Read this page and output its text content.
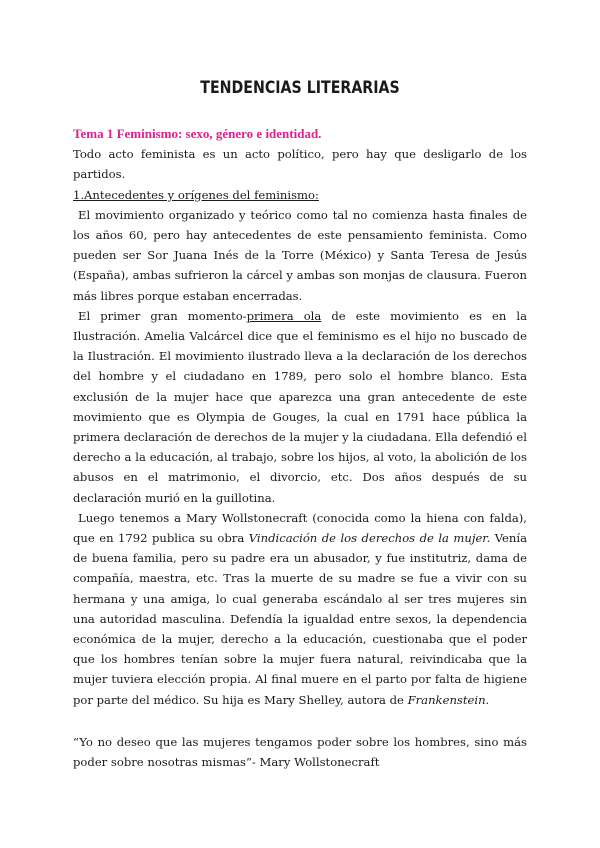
TENDENCIAS LITERARIAS

Tema 1 Feminismo: sexo, género e identidad.

Todo acto feminista es un acto político, pero hay que desligarlo de los partidos.

1.Antecedentes y orígenes del feminismo:

El movimiento organizado y teórico como tal no comienza hasta finales de los años 60, pero hay antecedentes de este pensamiento feminista. Como pueden ser Sor Juana Inés de la Torre (México) y Santa Teresa de Jesús (España), ambas sufrieron la cárcel y ambas son monjas de clausura. Fueron más libres porque estaban encerradas.

El primer gran momento-primera ola de este movimiento es en la Ilustración. Amelia Valcárcel dice que el feminismo es el hijo no buscado de la Ilustración. El movimiento ilustrado lleva a la declaración de los derechos del hombre y el ciudadano en 1789, pero solo el hombre blanco. Esta exclusión de la mujer hace que aparezca una gran antecedente de este movimiento que es Olympia de Gouges, la cual en 1791 hace pública la primera declaración de derechos de la mujer y la ciudadana. Ella defendió el derecho a la educación, al trabajo, sobre los hijos, al voto, la abolición de los abusos en el matrimonio, el divorcio, etc. Dos años después de su declaración murió en la guillotina.

Luego tenemos a Mary Wollstonecraft (conocida como la hiena con falda), que en 1792 publica su obra Vindicación de los derechos de la mujer. Venía de buena familia, pero su padre era un abusador, y fue institutriz, dama de compañía, maestra, etc. Tras la muerte de su madre se fue a vivir con su hermana y una amiga, lo cual generaba escándalo al ser tres mujeres sin una autoridad masculina. Defendía la igualdad entre sexos, la dependencia económica de la mujer, derecho a la educación, cuestionaba que el poder que los hombres tenían sobre la mujer fuera natural, reivindicaba que la mujer tuviera elección propia. Al final muere en el parto por falta de higiene por parte del médico. Su hija es Mary Shelley, autora de Frankenstein.

“Yo no deseo que las mujeres tengamos poder sobre los hombres, sino más poder sobre nosotras mismas”- Mary Wollstonecraft
